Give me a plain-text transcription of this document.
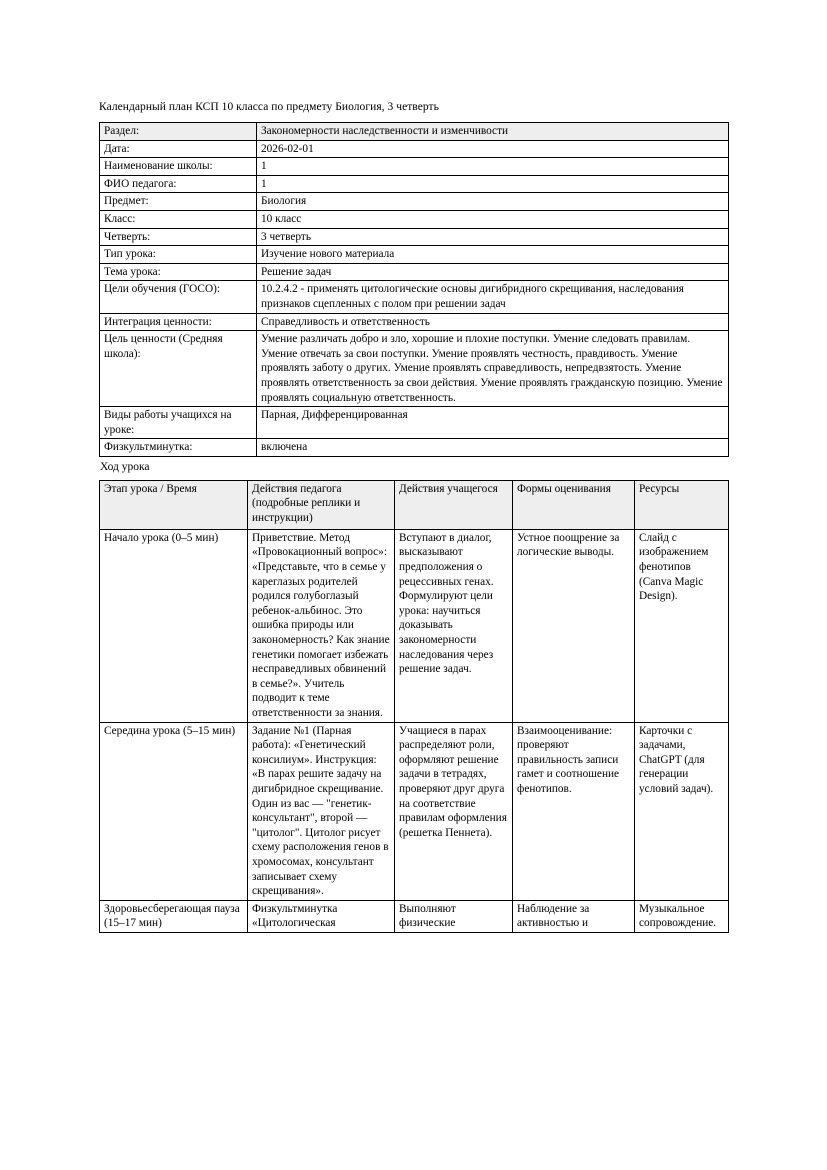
Календарный план КСП 10 класса по предмету Биология, 3 четверть

Раздел:	Закономерности наследственности и изменчивости
Дата:	2026-02-01
Наименование школы:	1
ФИО педагога:	1
Предмет:	Биология
Класс:	10 класс
Четверть:	3 четверть
Тип урока:	Изучение нового материала
Тема урока:	Решение задач
Цели обучения (ГОСО):	10.2.4.2 - применять цитологические основы дигибридного скрещивания, наследования признаков сцепленных с полом при решении задач
Интеграция ценности:	Справедливость и ответственность
Цель ценности (Средняя школа):	Умение различать добро и зло, хорошие и плохие поступки. Умение следовать правилам. Умение отвечать за свои поступки. Умение проявлять честность, правдивость. Умение проявлять заботу о других. Умение проявлять справедливость, непредвзятость. Умение проявлять ответственность за свои действия. Умение проявлять гражданскую позицию. Умение проявлять социальную ответственность.
Виды работы учащихся на уроке:	Парная, Дифференцированная
Физкультминутка:	включена

Ход урока

Этап урока / Время	Действия педагога (подробные реплики и инструкции)	Действия учащегося	Формы оценивания	Ресурсы
Начало урока (0–5 мин)	Приветствие. Метод «Провокационный вопрос»: «Представьте, что в семье у кареглазых родителей родился голубоглазый ребенок-альбинос. Это ошибка природы или закономерность? Как знание генетики помогает избежать несправедливых обвинений в семье?». Учитель подводит к теме ответственности за знания.	Вступают в диалог, высказывают предположения о рецессивных генах. Формулируют цели урока: научиться доказывать закономерности наследования через решение задач.	Устное поощрение за логические выводы.	Слайд с изображением фенотипов (Canva Magic Design).
Середина урока (5–15 мин)	Задание №1 (Парная работа): «Генетический консилиум». Инструкция: «В парах решите задачу на дигибридное скрещивание. Один из вас — "генетик-консультант", второй — "цитолог". Цитолог рисует схему расположения генов в хромосомах, консультант записывает схему скрещивания».	Учащиеся в парах распределяют роли, оформляют решение задачи в тетрадях, проверяют друг друга на соответствие правилам оформления (решетка Пеннета).	Взаимооценивание: проверяют правильность записи гамет и соотношение фенотипов.	Карточки с задачами, ChatGPT (для генерации условий задач).
Здоровьесберегающая пауза (15–17 мин)	Физкультминутка «Цитологическая	Выполняют физические	Наблюдение за активностью и	Музыкальное сопровождение.
